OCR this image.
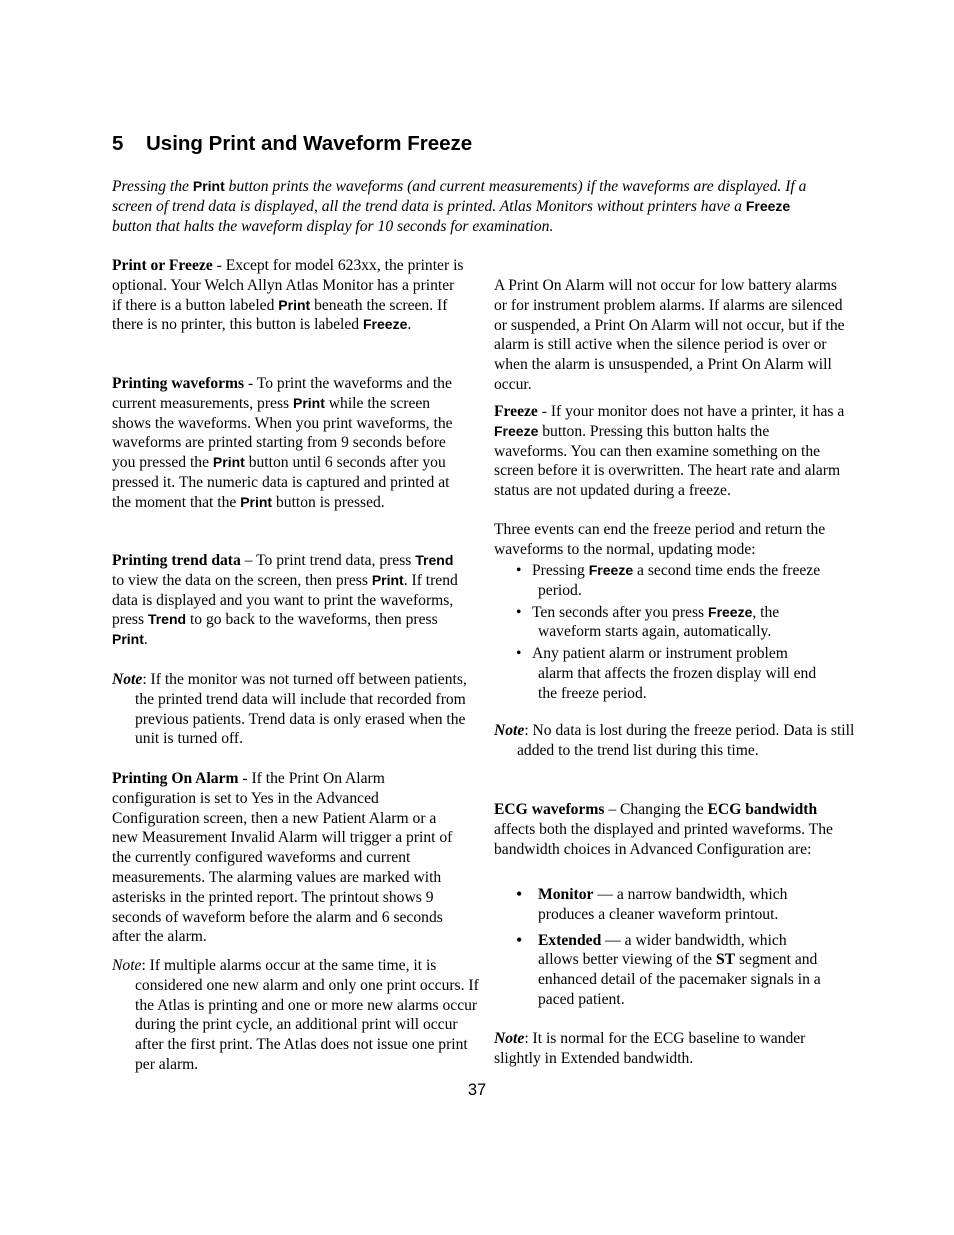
5 Using Print and Waveform Freeze

Pressing the Print button prints the waveforms (and current measurements) if the waveforms are displayed. If a screen of trend data is displayed, all the trend data is printed. Atlas Monitors without printers have a Freeze button that halts the waveform display for 10 seconds for examination.

Print or Freeze - Except for model 623xx, the printer is optional. Your Welch Allyn Atlas Monitor has a printer if there is a button labeled Print beneath the screen. If there is no printer, this button is labeled Freeze.

Printing waveforms - To print the waveforms and the current measurements, press Print while the screen shows the waveforms. When you print waveforms, the waveforms are printed starting from 9 seconds before you pressed the Print button until 6 seconds after you pressed it. The numeric data is captured and printed at the moment that the Print button is pressed.

Printing trend data – To print trend data, press Trend to view the data on the screen, then press Print. If trend data is displayed and you want to print the waveforms, press Trend to go back to the waveforms, then press Print.

Note: If the monitor was not turned off between patients, the printed trend data will include that recorded from previous patients. Trend data is only erased when the unit is turned off.

Printing On Alarm - If the Print On Alarm configuration is set to Yes in the Advanced Configuration screen, then a new Patient Alarm or a new Measurement Invalid Alarm will trigger a print of the currently configured waveforms and current measurements. The alarming values are marked with asterisks in the printed report. The printout shows 9 seconds of waveform before the alarm and 6 seconds after the alarm.

Note: If multiple alarms occur at the same time, it is considered one new alarm and only one print occurs. If the Atlas is printing and one or more new alarms occur during the print cycle, an additional print will occur after the first print. The Atlas does not issue one print per alarm.

A Print On Alarm will not occur for low battery alarms or for instrument problem alarms. If alarms are silenced or suspended, a Print On Alarm will not occur, but if the alarm is still active when the silence period is over or when the alarm is unsuspended, a Print On Alarm will occur.

Freeze - If your monitor does not have a printer, it has a Freeze button. Pressing this button halts the waveforms. You can then examine something on the screen before it is overwritten. The heart rate and alarm status are not updated during a freeze.

Three events can end the freeze period and return the waveforms to the normal, updating mode:

• Pressing Freeze a second time ends the freeze period.
• Ten seconds after you press Freeze, the waveform starts again, automatically.
• Any patient alarm or instrument problem alarm that affects the frozen display will end the freeze period.

Note: No data is lost during the freeze period. Data is still added to the trend list during this time.

ECG waveforms – Changing the ECG bandwidth affects both the displayed and printed waveforms. The bandwidth choices in Advanced Configuration are:

• Monitor — a narrow bandwidth, which produces a cleaner waveform printout.
• Extended — a wider bandwidth, which allows better viewing of the ST segment and enhanced detail of the pacemaker signals in a paced patient.

Note: It is normal for the ECG baseline to wander slightly in Extended bandwidth.

37
